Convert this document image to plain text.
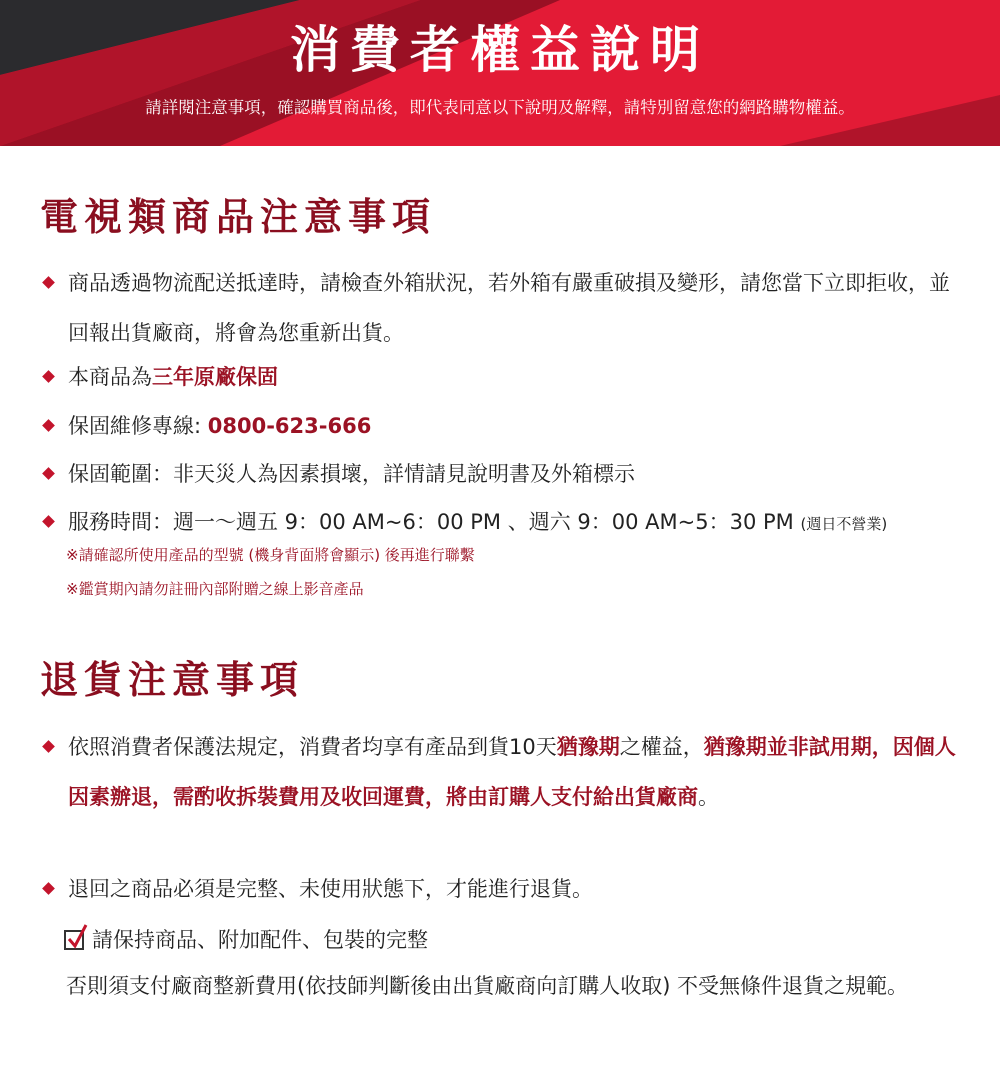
消費者權益說明
請詳閱注意事項，確認購買商品後，即代表同意以下說明及解釋，請特別留意您的網路購物權益。
電視類商品注意事項
商品透過物流配送抵達時，請檢查外箱狀況，若外箱有嚴重破損及變形，請您當下立即拒收，並回報出貨廠商，將會為您重新出貨。
本商品為三年原廠保固
保固維修專線: 0800-623-666
保固範圍：非天災人為因素損壞，詳情請見說明書及外箱標示
服務時間：週一～週五 9：00 AM~6：00 PM 、週六 9：00 AM~5：30 PM (週日不營業)
※請確認所使用產品的型號 (機身背面將會顯示) 後再進行聯繫
※鑑賞期內請勿註冊內部附贈之線上影音產品
退貨注意事項
依照消費者保護法規定，消費者均享有產品到貨10天猶豫期之權益，猶豫期並非試用期，因個人因素辦退，需酌收拆裝費用及收回運費，將由訂購人支付給出貨廠商。
退回之商品必須是完整、未使用狀態下，才能進行退貨。
請保持商品、附加配件、包裝的完整
否則須支付廠商整新費用(依技師判斷後由出貨廠商向訂購人收取) 不受無條件退貨之規範。
